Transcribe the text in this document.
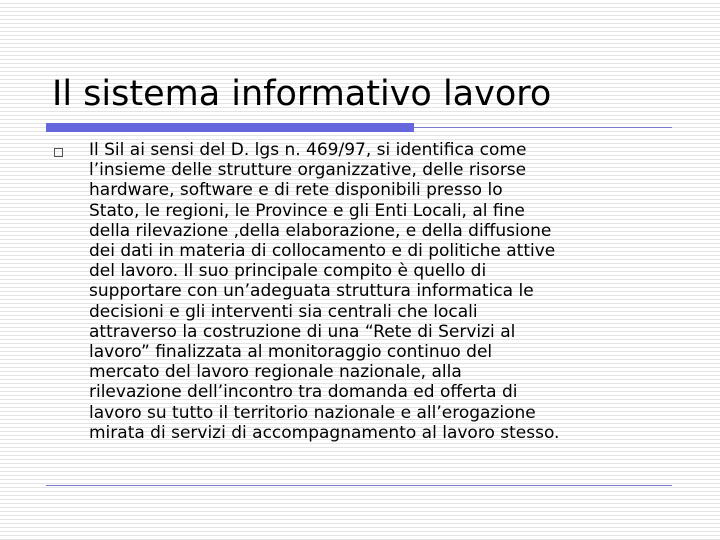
Il sistema informativo lavoro

Il Sil ai sensi del D. lgs n. 469/97, si identifica come
l’insieme delle strutture organizzative, delle risorse
hardware, software e di rete disponibili presso lo
Stato, le regioni, le Province e gli Enti Locali, al fine
della rilevazione ,della elaborazione, e della diffusione
dei dati in materia di collocamento e di politiche attive
del lavoro. Il suo principale compito è quello di
supportare con un’adeguata struttura informatica le
decisioni e gli interventi sia centrali che locali
attraverso la costruzione di una “Rete di Servizi al
lavoro” finalizzata al monitoraggio continuo del
mercato del lavoro regionale nazionale, alla
rilevazione dell’incontro tra domanda ed offerta di
lavoro su tutto il territorio nazionale e all’erogazione
mirata di servizi di accompagnamento al lavoro stesso.
